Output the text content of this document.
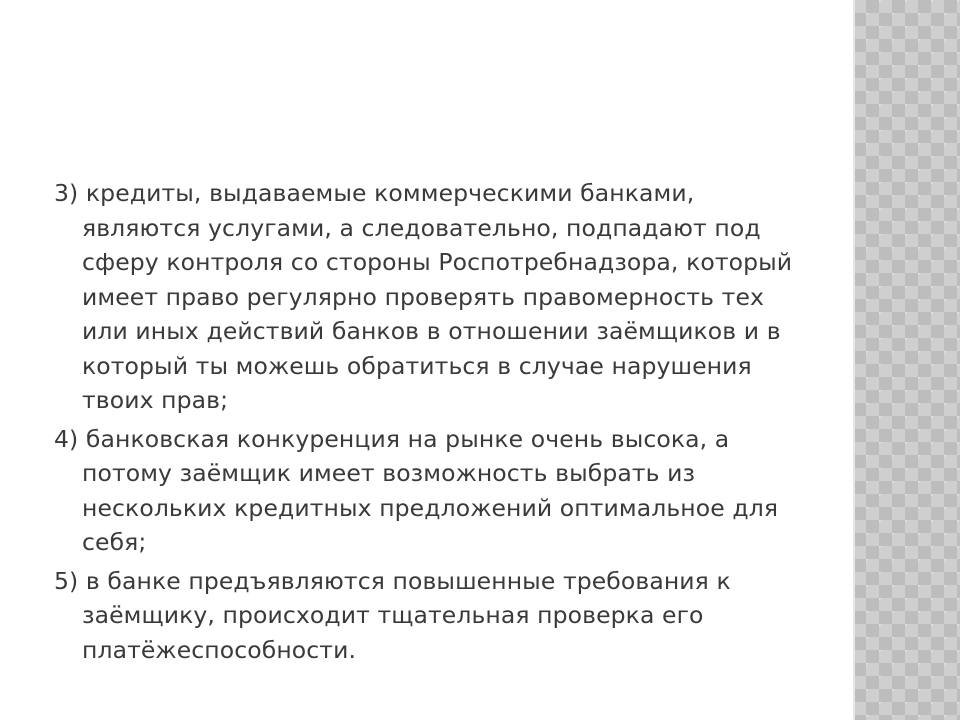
3) кредиты, выдаваемые коммерческими банками, являются услугами, а следовательно, подпадают под сферу контроля со стороны Роспотребнадзора, который имеет право регулярно проверять правомерность тех или иных действий банков в отношении заёмщиков и в который ты можешь обратиться в случае нарушения твоих прав;
4) банковская конкуренция на рынке очень высока, а потому заёмщик имеет возможность выбрать из нескольких кредитных предложений оптимальное для себя;
5) в банке предъявляются повышенные требования к заёмщику, происходит тщательная проверка его платёжеспособности.
